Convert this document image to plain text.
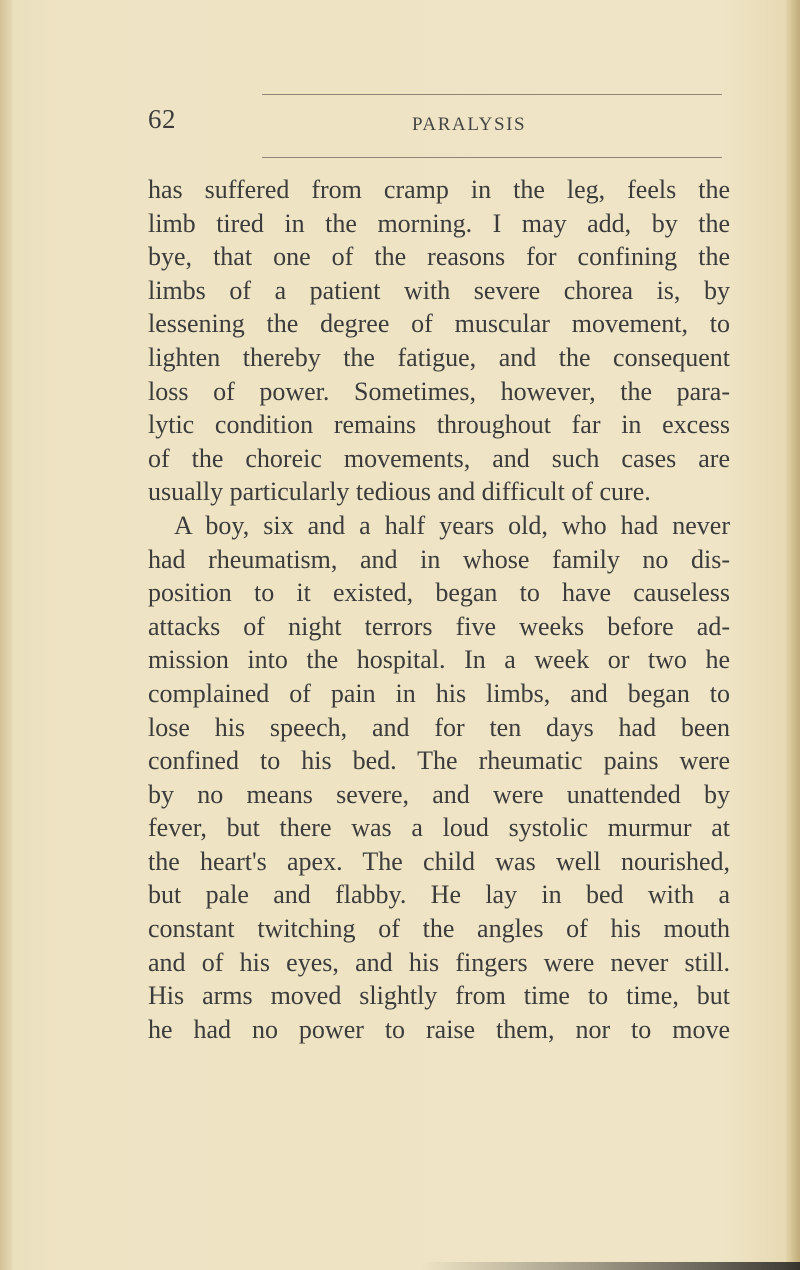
62	PARALYSIS
has suffered from cramp in the leg, feels the
limb tired in the morning. I may add, by the
bye, that one of the reasons for confining the
limbs of a patient with severe chorea is, by
lessening the degree of muscular movement, to
lighten thereby the fatigue, and the consequent
loss of power. Sometimes, however, the para-
lytic condition remains throughout far in excess
of the choreic movements, and such cases are
usually particularly tedious and difficult of cure.
A boy, six and a half years old, who had never
had rheumatism, and in whose family no dis-
position to it existed, began to have causeless
attacks of night terrors five weeks before ad-
mission into the hospital. In a week or two he
complained of pain in his limbs, and began to
lose his speech, and for ten days had been
confined to his bed. The rheumatic pains were
by no means severe, and were unattended by
fever, but there was a loud systolic murmur at
the heart's apex. The child was well nourished,
but pale and flabby. He lay in bed with a
constant twitching of the angles of his mouth
and of his eyes, and his fingers were never still.
His arms moved slightly from time to time, but
he had no power to raise them, nor to move
